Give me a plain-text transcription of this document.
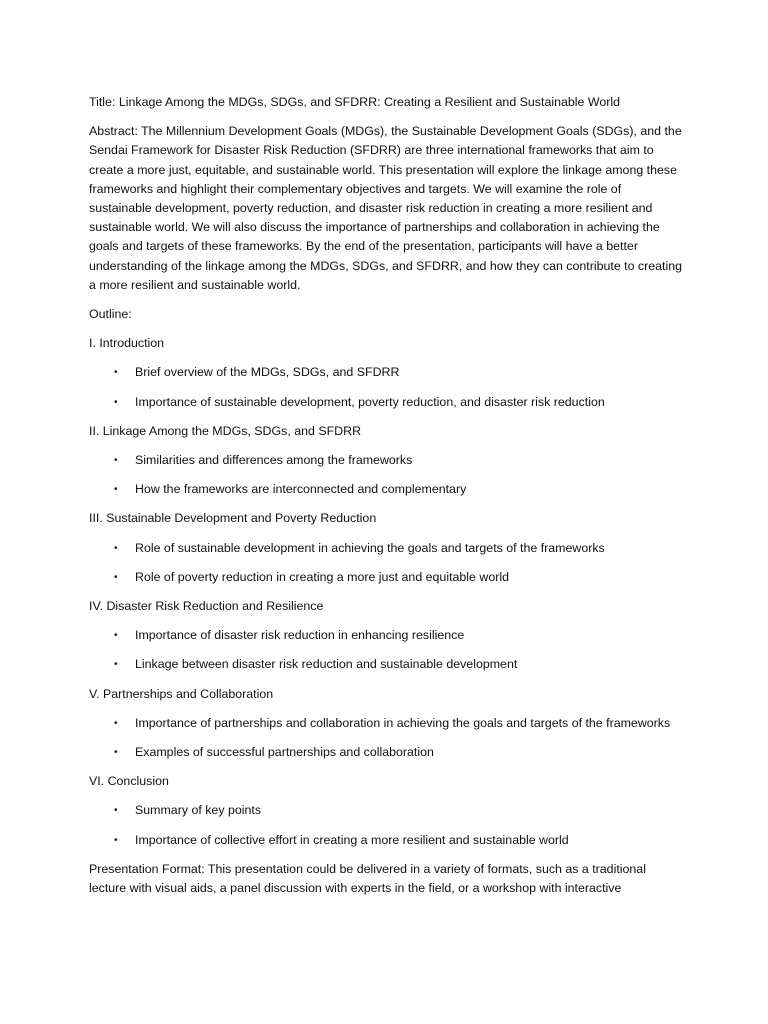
Title: Linkage Among the MDGs, SDGs, and SFDRR: Creating a Resilient and Sustainable World

Abstract: The Millennium Development Goals (MDGs), the Sustainable Development Goals (SDGs), and the Sendai Framework for Disaster Risk Reduction (SFDRR) are three international frameworks that aim to create a more just, equitable, and sustainable world. This presentation will explore the linkage among these frameworks and highlight their complementary objectives and targets. We will examine the role of sustainable development, poverty reduction, and disaster risk reduction in creating a more resilient and sustainable world. We will also discuss the importance of partnerships and collaboration in achieving the goals and targets of these frameworks. By the end of the presentation, participants will have a better understanding of the linkage among the MDGs, SDGs, and SFDRR, and how they can contribute to creating a more resilient and sustainable world.

Outline:

I. Introduction

• Brief overview of the MDGs, SDGs, and SFDRR
• Importance of sustainable development, poverty reduction, and disaster risk reduction

II. Linkage Among the MDGs, SDGs, and SFDRR

• Similarities and differences among the frameworks
• How the frameworks are interconnected and complementary

III. Sustainable Development and Poverty Reduction

• Role of sustainable development in achieving the goals and targets of the frameworks
• Role of poverty reduction in creating a more just and equitable world

IV. Disaster Risk Reduction and Resilience

• Importance of disaster risk reduction in enhancing resilience
• Linkage between disaster risk reduction and sustainable development

V. Partnerships and Collaboration

• Importance of partnerships and collaboration in achieving the goals and targets of the frameworks
• Examples of successful partnerships and collaboration

VI. Conclusion

• Summary of key points
• Importance of collective effort in creating a more resilient and sustainable world

Presentation Format: This presentation could be delivered in a variety of formats, such as a traditional lecture with visual aids, a panel discussion with experts in the field, or a workshop with interactive
